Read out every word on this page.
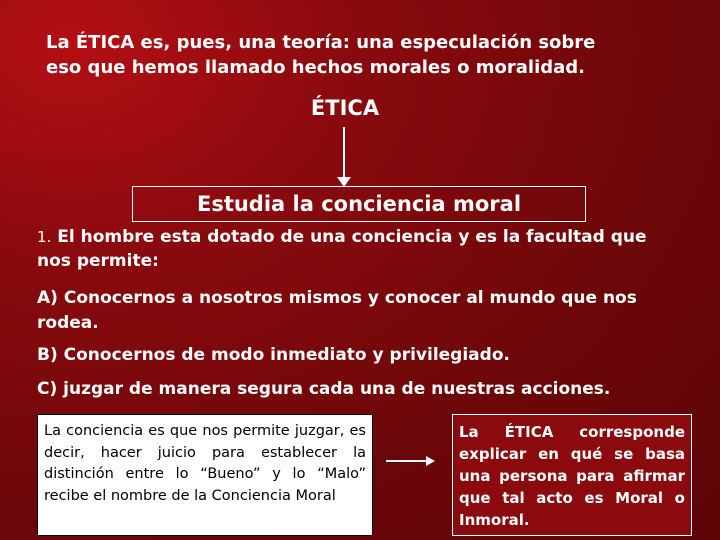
La ÉTICA es, pues, una teoría: una especulación sobre
eso que hemos llamado hechos morales o moralidad.
ÉTICA
Estudia la conciencia moral
1. El hombre esta dotado de una conciencia y es la facultad que nos permite:
A) Conocernos a nosotros mismos y conocer al mundo que nos rodea.
B) Conocernos de modo inmediato y privilegiado.
C) juzgar de manera segura cada una de nuestras acciones.
La conciencia es que nos permite juzgar, es decir, hacer juicio para establecer la distinción entre lo “Bueno” y lo “Malo” recibe el nombre de la Conciencia Moral
La ÉTICA corresponde explicar en qué se basa una persona para afirmar que tal acto es Moral o Inmoral.
